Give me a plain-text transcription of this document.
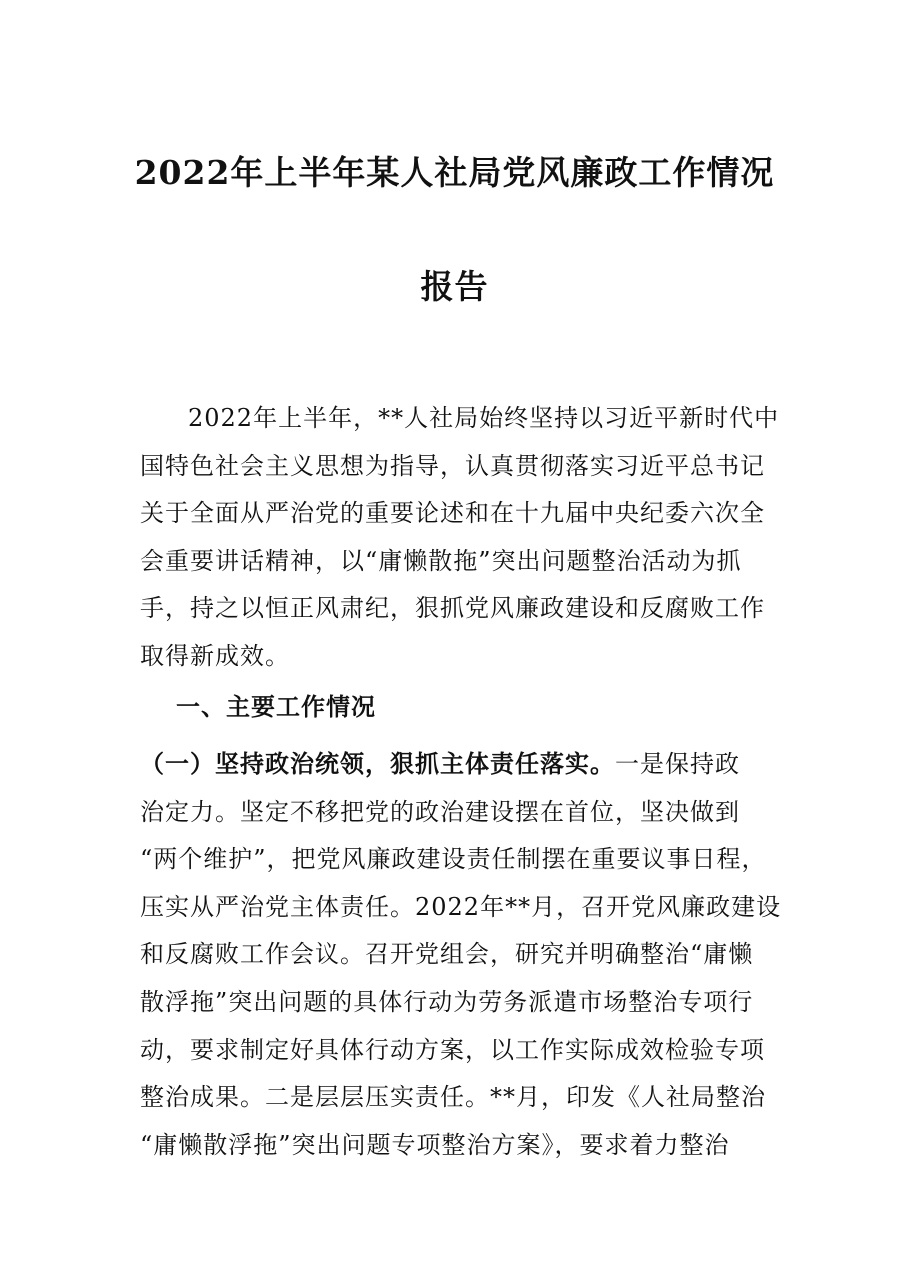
2022年上半年某人社局党风廉政工作情况
报告
2022年上半年，**人社局始终坚持以习近平新时代中
国特色社会主义思想为指导，认真贯彻落实习近平总书记
关于全面从严治党的重要论述和在十九届中央纪委六次全
会重要讲话精神，以“庸懒散拖”突出问题整治活动为抓
手，持之以恒正风肃纪，狠抓党风廉政建设和反腐败工作
取得新成效。
一、主要工作情况
（一）坚持政治统领，狠抓主体责任落实。一是保持政
治定力。坚定不移把党的政治建设摆在首位，坚决做到
“两个维护”，把党风廉政建设责任制摆在重要议事日程，
压实从严治党主体责任。2022年**月，召开党风廉政建设
和反腐败工作会议。召开党组会，研究并明确整治“庸懒
散浮拖”突出问题的具体行动为劳务派遣市场整治专项行
动，要求制定好具体行动方案，以工作实际成效检验专项
整治成果。二是层层压实责任。**月，印发《人社局整治
“庸懒散浮拖”突出问题专项整治方案》，要求着力整治
